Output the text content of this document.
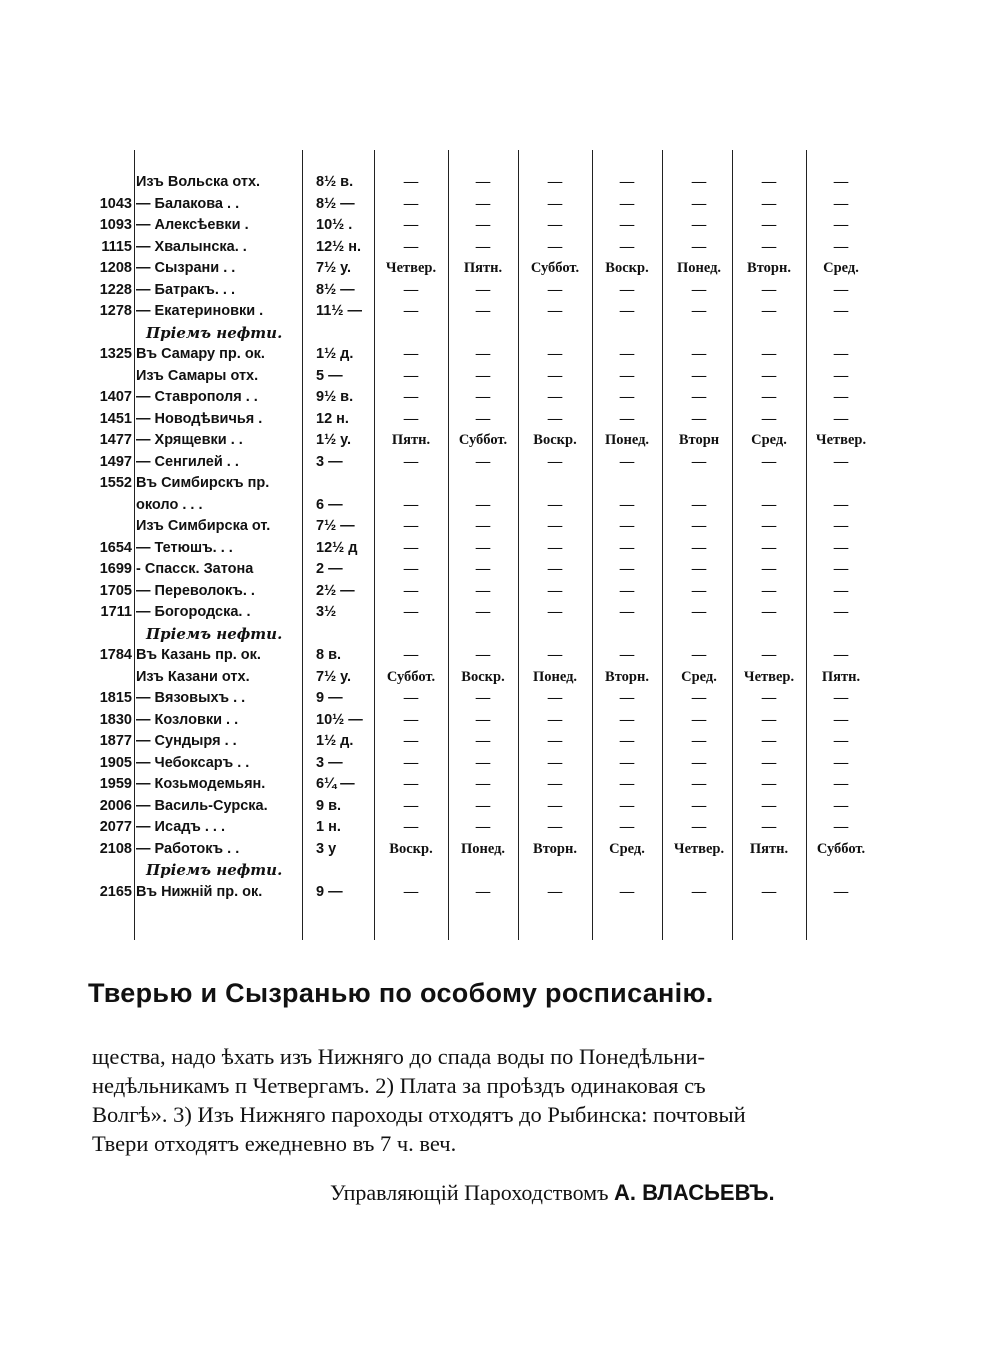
Изъ Вольска отх.	8½ в.	—	—	—	—	—	—	—
1043 — Балакова . .	8½ —	—	—	—	—	—	—	—
1093 — Алексѣевки .	10½ .	—	—	—	—	—	—	—
1115 — Хвалынска. .	12½ н.	—	—	—	—	—	—	—
1208 — Сызрани . .	7½ у.	Четвер.	Пятн.	Суббот.	Воскр.	Понед.	Вторн.	Сред.
1228 — Батракъ. . .	8½ —	—	—	—	—	—	—	—
1278 — Екатериновки .	11½ —	—	—	—	—	—	—	—
Пріемъ нефти.
1325 Въ Самару пр. ок.	1½ д.	—	—	—	—	—	—	—
Изъ Самары отх.	5 —	—	—	—	—	—	—	—
1407 — Ставрополя . .	9½ в.	—	—	—	—	—	—	—
1451 — Новодѣвичья .	12 н.	—	—	—	—	—	—	—
1477 — Хрящевки . .	1½ у.	Пятн.	Суббот.	Воскр.	Понед.	Вторн	Сред.	Четвер.
1497 — Сенгилей . .	3 —	—	—	—	—	—	—	—
1552 Въ Симбирскъ пр.
около . . .	6 —	—	—	—	—	—	—	—
Изъ Симбирска от.	7½ —	—	—	—	—	—	—	—
1654 — Тетюшъ. . .	12½ д	—	—	—	—	—	—	—
1699 - Спасск. Затона	2 —	—	—	—	—	—	—	—
1705 — Переволокъ. .	2½ —	—	—	—	—	—	—	—
1711 — Богородска. .	3½	—	—	—	—	—	—	—
Пріемъ нефти.
1784 Въ Казань пр. ок.	8 в.	—	—	—	—	—	—	—
Изъ Казани отх.	7½ у.	Суббот.	Воскр.	Понед.	Вторн.	Сред.	Четвер.	Пятн.
1815 — Вязовыхъ . .	9 —	—	—	—	—	—	—	—
1830 — Козловки . .	10½ —	—	—	—	—	—	—	—
1877 — Сундыря . .	1½ д.	—	—	—	—	—	—	—
1905 — Чебоксаръ . .	3 —	—	—	—	—	—	—	—
1959 — Козьмодемьян.	6¼ —	—	—	—	—	—	—	—
2006 — Василь-Сурска.	9 в.	—	—	—	—	—	—	—
2077 — Исадъ . . .	1 н.	—	—	—	—	—	—	—
2108 — Работокъ . .	3 у	Воскр.	Понед.	Вторн.	Сред.	Четвер.	Пятн.	Суббот.
Пріемъ нефти.
2165 Въ Нижній пр. ок.	9 —	—	—	—	—	—	—	—
Тверью и Сызранью по особому росписанію.
щества, надо ѣхать изъ Нижняго до спада воды по Понедѣльни-
недѣльникамъ п Четвергамъ. 2) Плата за проѣздъ одинаковая съ
Волгѣ». 3) Изъ Нижняго пароходы отходятъ до Рыбинска: почтовый
Твери отходятъ ежедневно въ 7 ч. веч.
Управляющій Пароходствомъ А. ВЛАСЬЕВЪ.
